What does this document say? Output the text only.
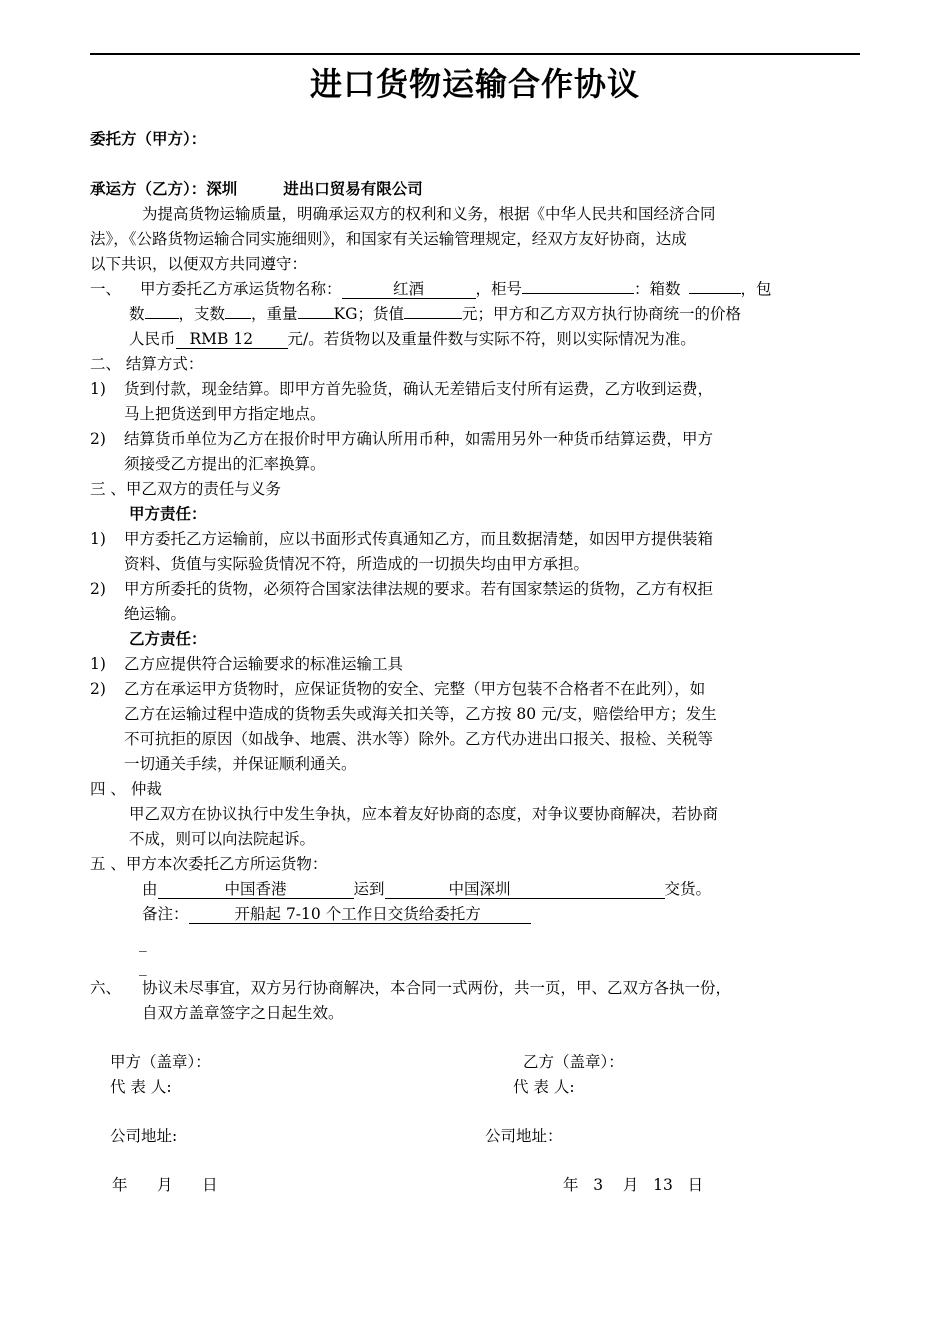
进口货物运输合作协议
委托方（甲方）：
承运方（乙方）：深圳	进出口贸易有限公司
为提高货物运输质量，明确承运双方的权利和义务，根据《中华人民共和国经济合同
法》，《公路货物运输合同实施细则》，和国家有关运输管理规定，经双方友好协商，达成
以下共识，以便双方共同遵守：
一、 甲方委托乙方承运货物名称：	红酒	，柜号	：箱数	，包
数 ，支数 ，重量 KG；货值	元；甲方和乙方双方执行协商统一的价格
人民币 RMB 12 元/。若货物以及重量件数与实际不符，则以实际情况为准。
二、 结算方式：
1) 货到付款，现金结算。即甲方首先验货，确认无差错后支付所有运费，乙方收到运费，
马上把货送到甲方指定地点。
2) 结算货币单位为乙方在报价时甲方确认所用币种，如需用另外一种货币结算运费，甲方
须接受乙方提出的汇率换算。
三 、甲乙双方的责任与义务
甲方责任：
1) 甲方委托乙方运输前，应以书面形式传真通知乙方，而且数据清楚，如因甲方提供装箱
资料、货值与实际验货情况不符，所造成的一切损失均由甲方承担。
2) 甲方所委托的货物，必须符合国家法律法规的要求。若有国家禁运的货物，乙方有权拒
绝运输。
乙方责任：
1) 乙方应提供符合运输要求的标准运输工具
2) 乙方在承运甲方货物时，应保证货物的安全、完整（甲方包装不合格者不在此列），如
乙方在运输过程中造成的货物丢失或海关扣关等，乙方按 80 元/支，赔偿给甲方；发生
不可抗拒的原因（如战争、地震、洪水等）除外。乙方代办进出口报关、报检、关税等
一切通关手续，并保证顺利通关。
四 、 仲裁
甲乙双方在协议执行中发生争执，应本着友好协商的态度，对争议要协商解决，若协商
不成，则可以向法院起诉。
五 、甲方本次委托乙方所运货物：
由	中国香港	运到	中国深圳	交货。
备注：	开船起 7-10 个工作日交货给委托方
_
_
六、 协议未尽事宜，双方另行协商解决，本合同一式两份，共一页，甲、乙双方各执一份，
自双方盖章签字之日起生效。
甲方（盖章）：	乙方（盖章）：
代 表 人:	代 表 人:
公司地址:	公司地址：
年      月      日	年   3    月   13   日
